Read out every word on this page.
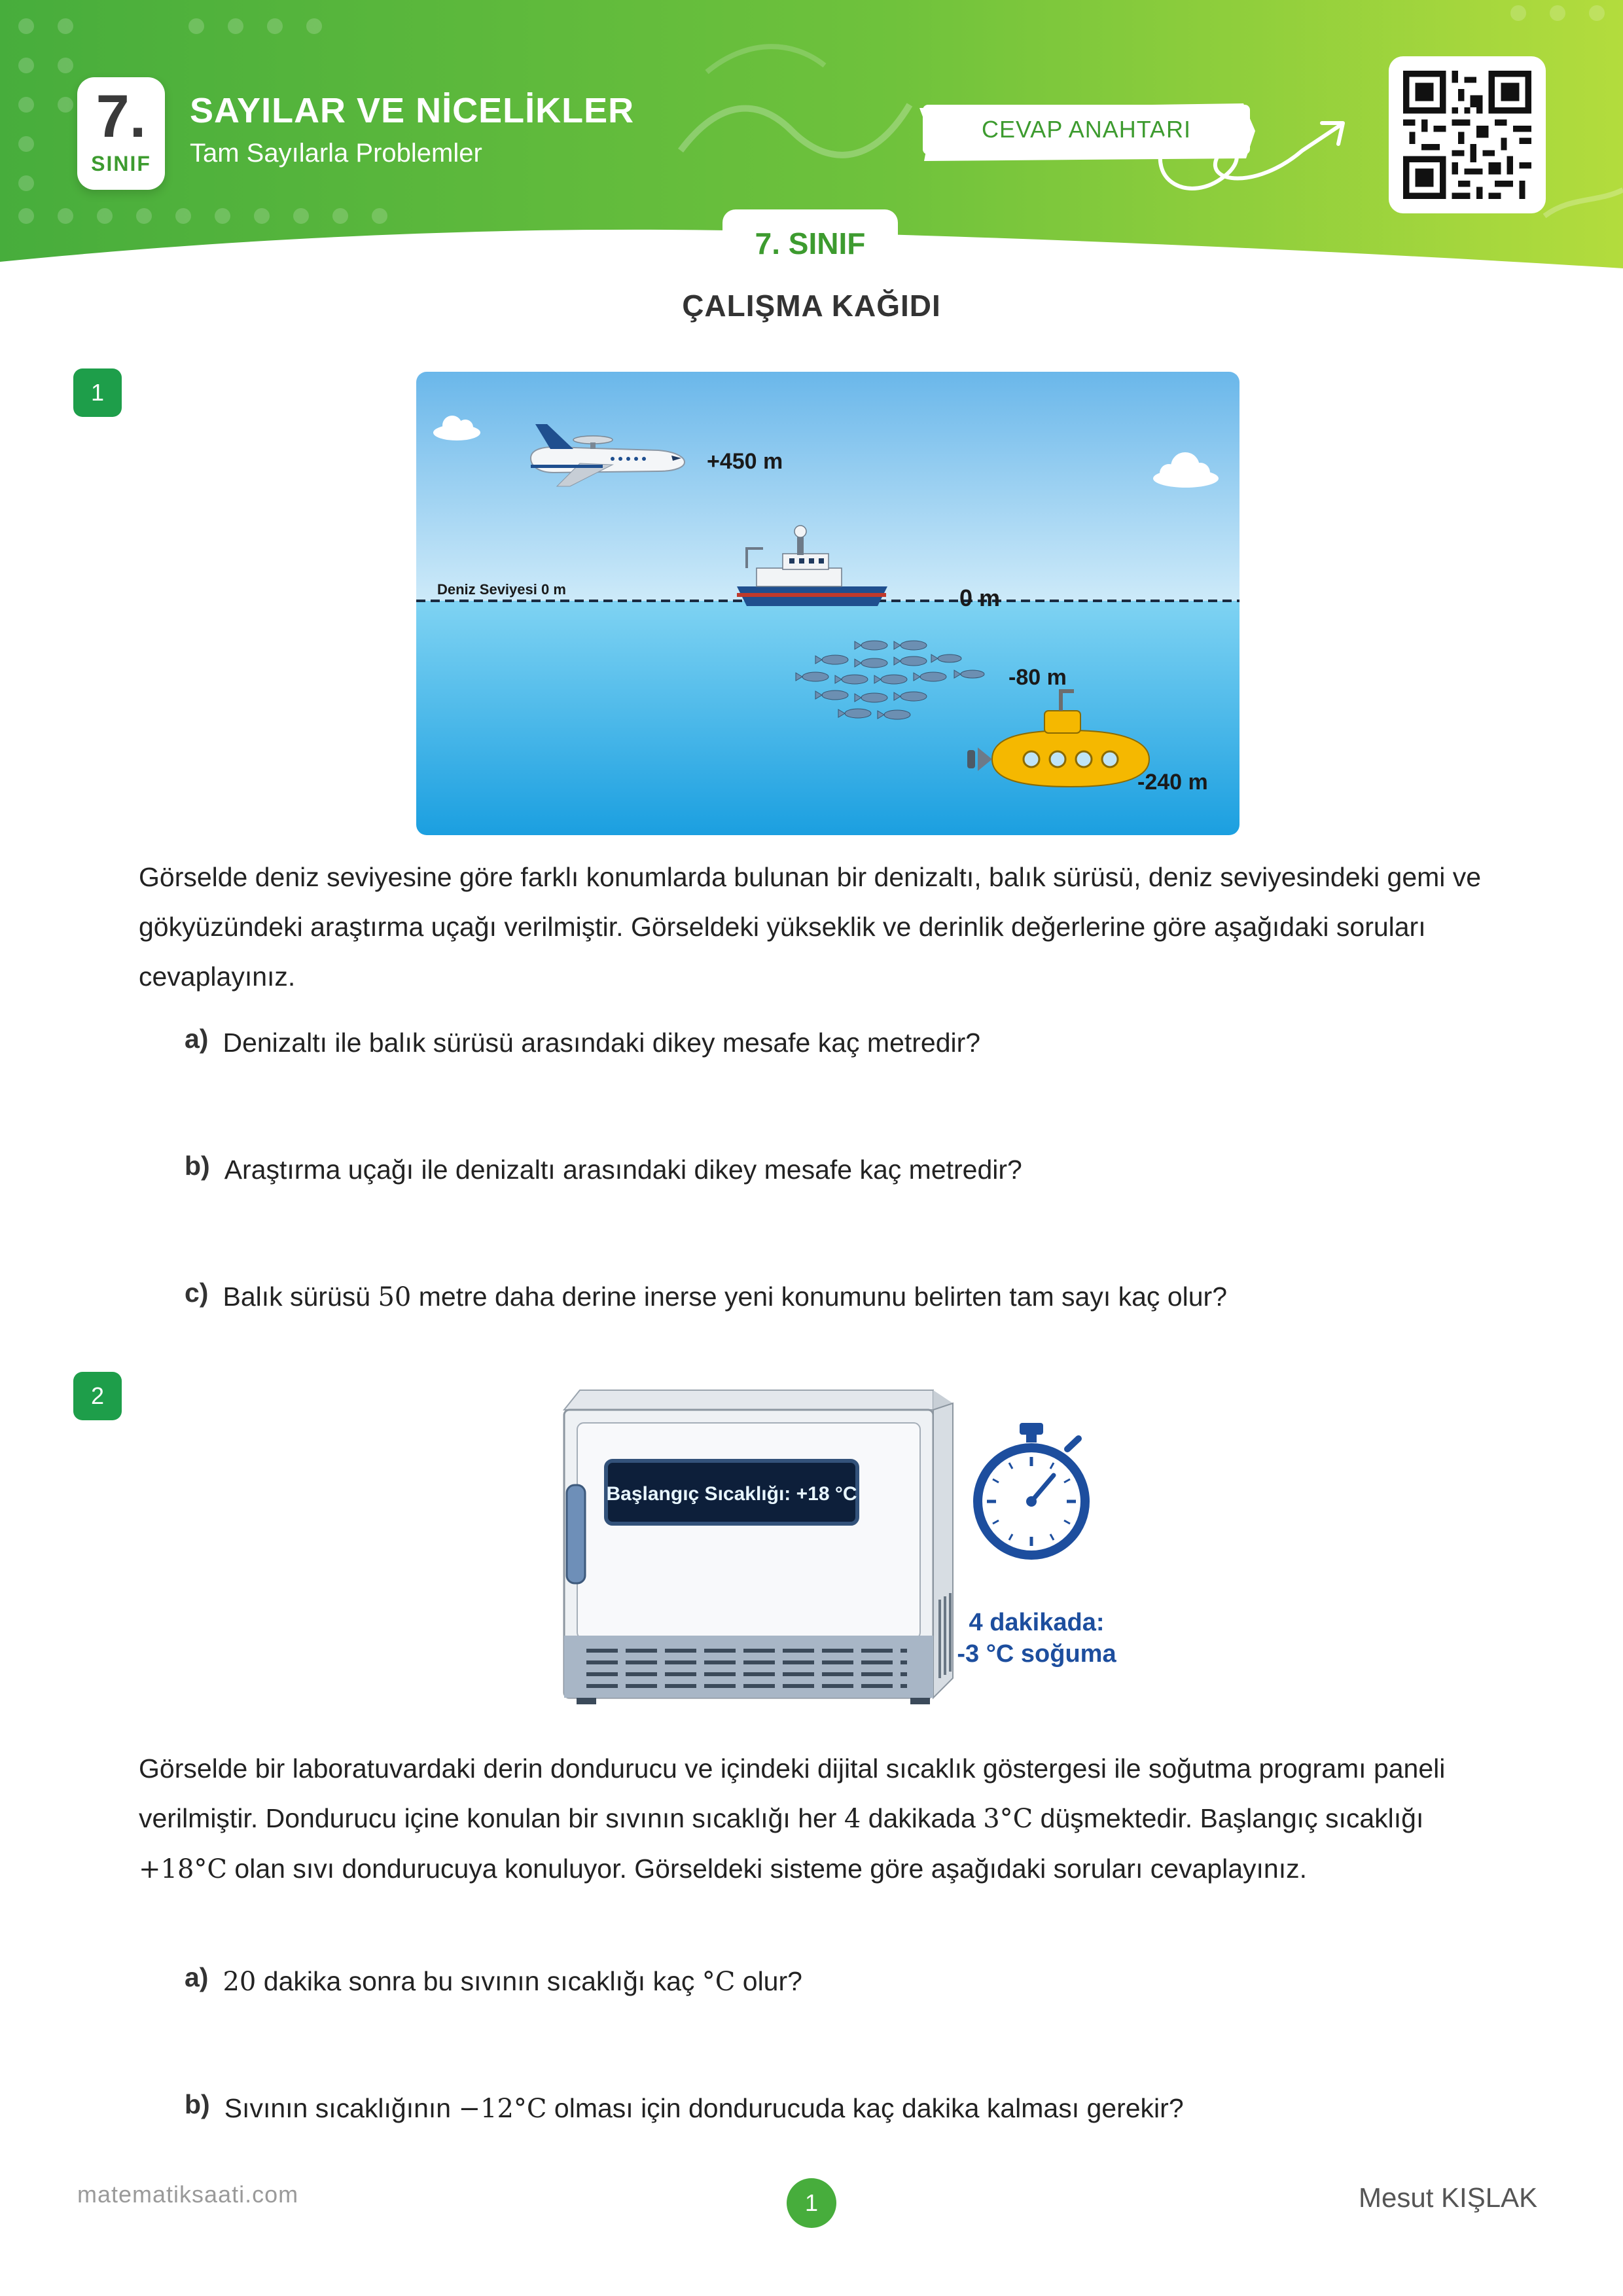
7.
SINIF
SAYILAR VE NİCELİKLER
Tam Sayılarla Problemler
CEVAP ANAHTARI
7. SINIF
ÇALIŞMA KAĞIDI
1
+450 m
Deniz Seviyesi 0 m	0 m
-80 m
-240 m
Görselde deniz seviyesine göre farklı konumlarda bulunan bir denizaltı, balık sürüsü, deniz seviyesindeki gemi ve gökyüzündeki araştırma uçağı verilmiştir. Görseldeki yükseklik ve derinlik değerlerine göre aşağıdaki soruları cevaplayınız.
a) Denizaltı ile balık sürüsü arasındaki dikey mesafe kaç metredir?
b) Araştırma uçağı ile denizaltı arasındaki dikey mesafe kaç metredir?
c) Balık sürüsü 50 metre daha derine inerse yeni konumunu belirten tam sayı kaç olur?
2
Başlangıç Sıcaklığı: +18 °C
4 dakikada:
-3 °C soğuma
Görselde bir laboratuvardaki derin dondurucu ve içindeki dijital sıcaklık göstergesi ile soğutma programı paneli verilmiştir. Dondurucu içine konulan bir sıvının sıcaklığı her 4 dakikada 3°C düşmektedir. Başlangıç sıcaklığı +18°C olan sıvı dondurucuya konuluyor. Görseldeki sisteme göre aşağıdaki soruları cevaplayınız.
a) 20 dakika sonra bu sıvının sıcaklığı kaç °C olur?
b) Sıvının sıcaklığının −12°C olması için dondurucuda kaç dakika kalması gerekir?
matematiksaati.com	1	Mesut KIŞLAK
